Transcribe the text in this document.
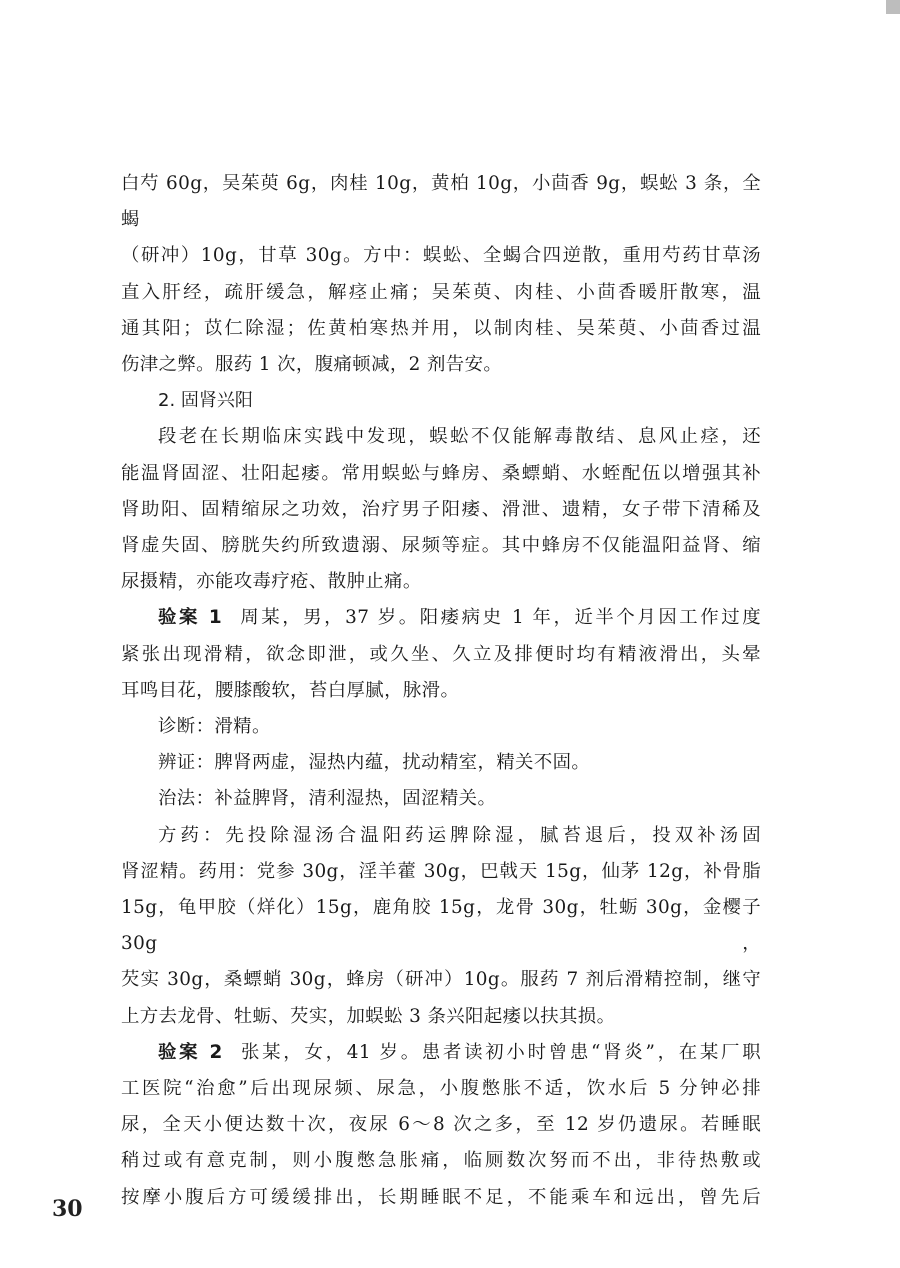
白芍 60g，吴茱萸 6g，肉桂 10g，黄柏 10g，小茴香 9g，蜈蚣 3 条，全蝎
（研冲）10g，甘草 30g。方中：蜈蚣、全蝎合四逆散，重用芍药甘草汤
直入肝经，疏肝缓急，解痉止痛；吴茱萸、肉桂、小茴香暖肝散寒，温
通其阳；苡仁除湿；佐黄柏寒热并用，以制肉桂、吴茱萸、小茴香过温
伤津之弊。服药 1 次，腹痛顿减，2 剂告安。

2. 固肾兴阳

段老在长期临床实践中发现，蜈蚣不仅能解毒散结、息风止痉，还
能温肾固涩、壮阳起痿。常用蜈蚣与蜂房、桑螵蛸、水蛭配伍以增强其补
肾助阳、固精缩尿之功效，治疗男子阳痿、滑泄、遗精，女子带下清稀及
肾虚失固、膀胱失约所致遗溺、尿频等症。其中蜂房不仅能温阳益肾、缩
尿摄精，亦能攻毒疗疮、散肿止痛。

验案 1 周某，男，37 岁。阳痿病史 1 年，近半个月因工作过度
紧张出现滑精，欲念即泄，或久坐、久立及排便时均有精液滑出，头晕
耳鸣目花，腰膝酸软，苔白厚腻，脉滑。

诊断：滑精。

辨证：脾肾两虚，湿热内蕴，扰动精室，精关不固。

治法：补益脾肾，清利湿热，固涩精关。

方药：先投除湿汤合温阳药运脾除湿，腻苔退后，投双补汤固
肾涩精。药用：党参 30g，淫羊藿 30g，巴戟天 15g，仙茅 12g，补骨脂
15g，龟甲胶（烊化）15g，鹿角胶 15g，龙骨 30g，牡蛎 30g，金樱子 30g，
芡实 30g，桑螵蛸 30g，蜂房（研冲）10g。服药 7 剂后滑精控制，继守
上方去龙骨、牡蛎、芡实，加蜈蚣 3 条兴阳起痿以扶其损。

验案 2 张某，女，41 岁。患者读初小时曾患“肾炎”，在某厂职
工医院“治愈”后出现尿频、尿急，小腹憋胀不适，饮水后 5 分钟必排
尿，全天小便达数十次，夜尿 6～8 次之多，至 12 岁仍遗尿。若睡眠
稍过或有意克制，则小腹憋急胀痛，临厕数次努而不出，非待热敷或
按摩小腹后方可缓缓排出，长期睡眠不足，不能乘车和远出，曾先后

30
